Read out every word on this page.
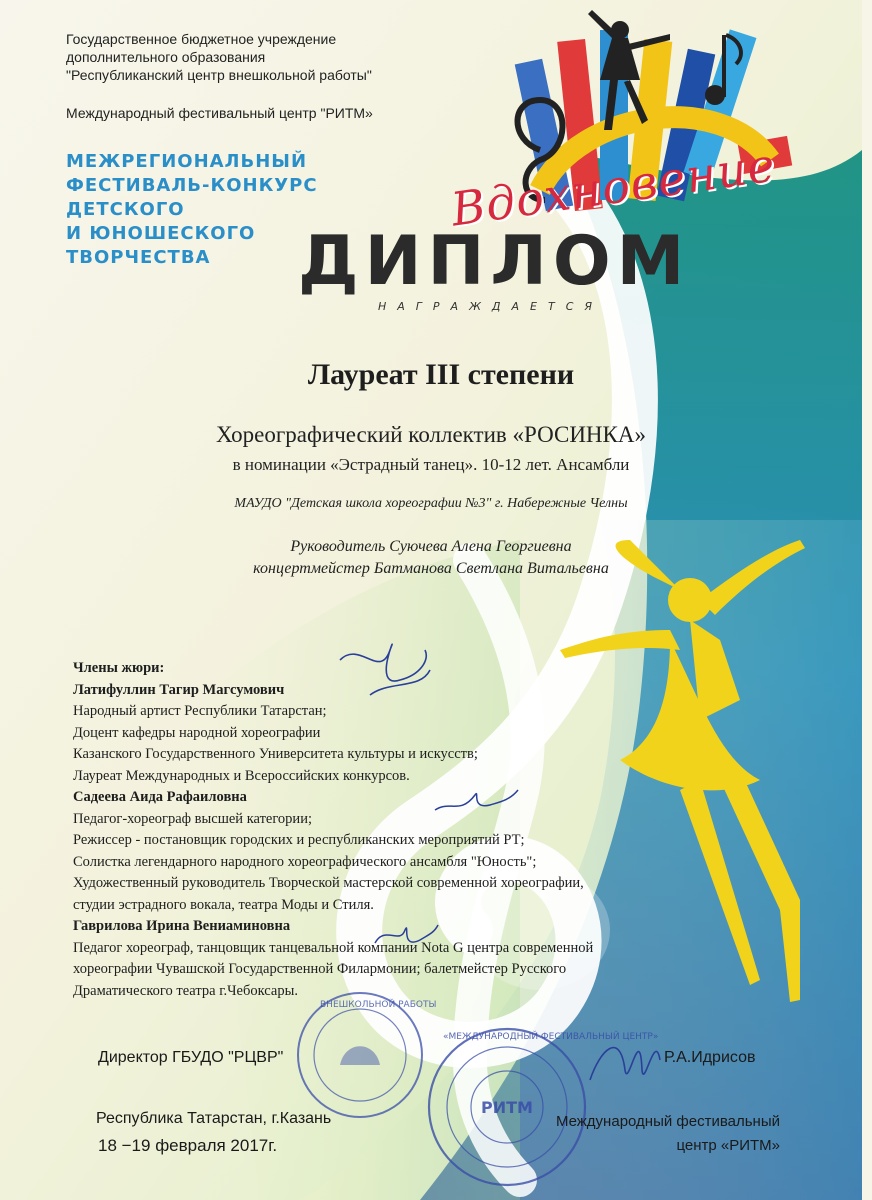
Государственное бюджетное учреждение
дополнительного образования
"Республиканский центр внешкольной работы"
Международный фестивальный центр "РИТМ»
МЕЖРЕГИОНАЛЬНЫЙ
ФЕСТИВАЛЬ-КОНКУРС
ДЕТСКОГО
И ЮНОШЕСКОГО
ТВОРЧЕСТВА
Вдохновение
ДИПЛОМ
НАГРАЖДАЕТСЯ
Лауреат III степени
Хореографический коллектив «РОСИНКА»
в номинации «Эстрадный танец». 10-12 лет. Ансамбли
МАУДО "Детская школа хореографии №3" г. Набережные Челны
Руководитель Суючева Алена Георгиевна
концертмейстер Батманова Светлана Витальевна
Члены жюри:
Латифуллин Тагир Магсумович
Народный артист Республики Татарстан;
Доцент кафедры народной хореографии
Казанского Государственного Университета культуры и искусств;
Лауреат Международных и Всероссийских конкурсов.
Садеева Аида Рафаиловна
Педагог-хореограф высшей категории;
Режиссер - постановщик городских и республиканских мероприятий РТ;
Солистка легендарного народного хореографического ансамбля "Юность";
Художественный руководитель Творческой мастерской современной хореографии,
студии эстрадного вокала, театра Моды и Стиля.
Гаврилова Ирина Вениаминовна
Педагог хореограф, танцовщик танцевальной компании Nota G центра современной
хореографии Чувашской Государственной Филармонии; балетмейстер Русского
Драматического театра г.Чебоксары.
ВНЕШКОЛЬНОЙ РАБОТЫ
«МЕЖДУНАРОДНЫЙ ФЕСТИВАЛЬНЫЙ ЦЕНТР»
РИТМ
Директор ГБУДО "РЦВР"	Р.А.Идрисов
Республика Татарстан, г.Казань
18 −19 февраля 2017г.
Международный фестивальный
центр «РИТМ»
